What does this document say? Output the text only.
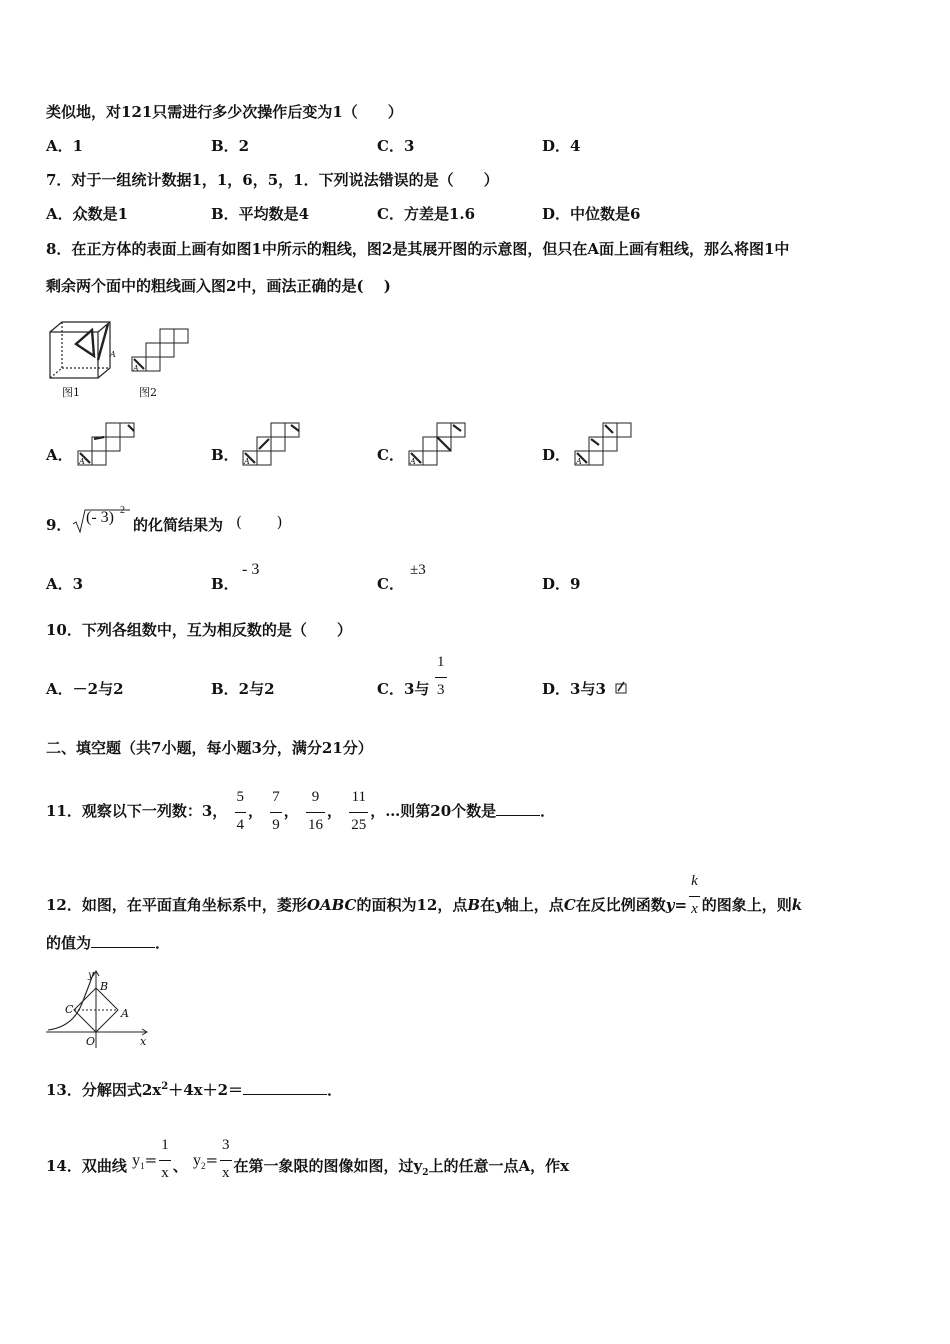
类似地，对121只需进行多少次操作后变为1（　　）
A．1	B．2	C．3	D．4
7．对于一组统计数据1，1，6，5，1．下列说法错误的是（　　）
A．众数是1	B．平均数是4	C．方差是1.6	D．中位数是6
8．在正方体的表面上画有如图1中所示的粗线，图2是其展开图的示意图，但只在A面上画有粗线，那么将图1中
剩余两个面中的粗线画入图2中，画法正确的是(　 )
A
图1
A
图2
A． A	B． A	C． A	D． A
9． (- 3) 2
的化简结果为 (　　 )
A．3	B．
- 3
C．
±3
D．9
10．下列各组数中，互为相反数的是（　　）
A．－2与2	B．2与2	C．3与 $\frac{1}{3}$	D．3与3
二、填空题（共7小题，每小题3分，满分21分）
11．观察以下一列数：3， $\frac{5}{4}$ ， $\frac{7}{9}$ ， $\frac{9}{16}$ ， $\frac{11}{25}$ ，…则第20个数是	．
12．如图，在平面直角坐标系中，菱形OABC的面积为12，点B在y轴上，点C在反比例函数$y= \frac{k}{x}$ 的图象上，则k
的值为	．
y
B
C	A
O	x
13．分解因式$2x^2+4x+2=$	．
14．双曲线 $y_1= \frac{1}{x}$ 、 $y_2= \frac{3}{x}$ 在第一象限的图像如图，过$y_2$上的任意一点A，作x
